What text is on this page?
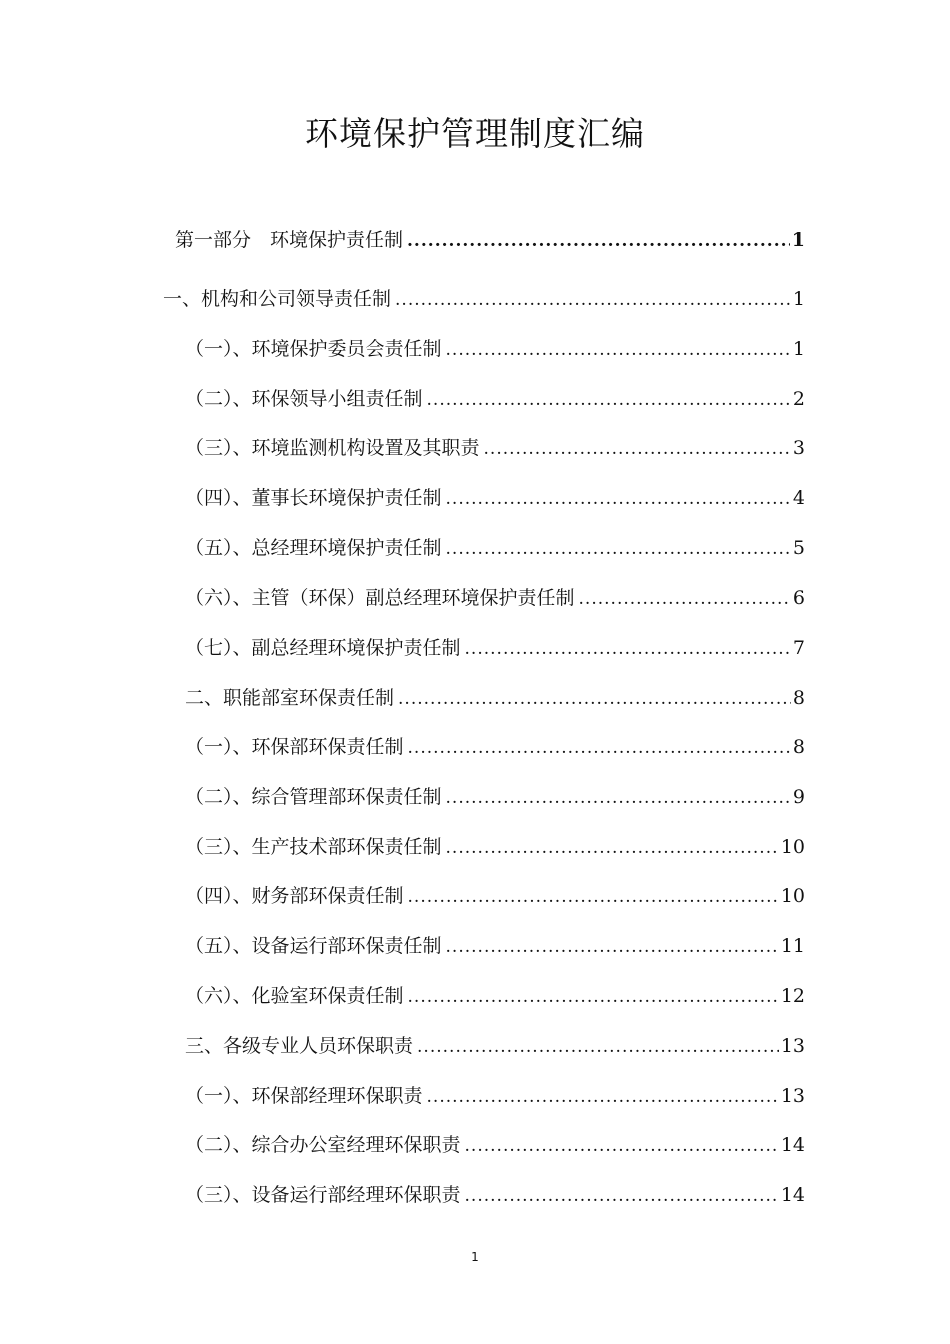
环境保护管理制度汇编
第一部分　环境保护责任制 .....	1
一、机构和公司领导责任制 .....	1
（一）、环境保护委员会责任制 .....	1
（二）、环保领导小组责任制 .....	2
（三）、环境监测机构设置及其职责 .....	3
（四）、董事长环境保护责任制 .....	4
（五）、总经理环境保护责任制 .....	5
（六）、主管（环保）副总经理环境保护责任制 .....	6
（七）、副总经理环境保护责任制 .....	7
二、职能部室环保责任制 .....	8
（一）、环保部环保责任制 .....	8
（二）、综合管理部环保责任制 .....	9
（三）、生产技术部环保责任制 .....	10
（四）、财务部环保责任制 .....	10
（五）、设备运行部环保责任制 .....	11
（六）、化验室环保责任制 .....	12
三、各级专业人员环保职责 .....	13
（一）、环保部经理环保职责 .....	13
（二）、综合办公室经理环保职责 .....	14
（三）、设备运行部经理环保职责 .....	14
1
